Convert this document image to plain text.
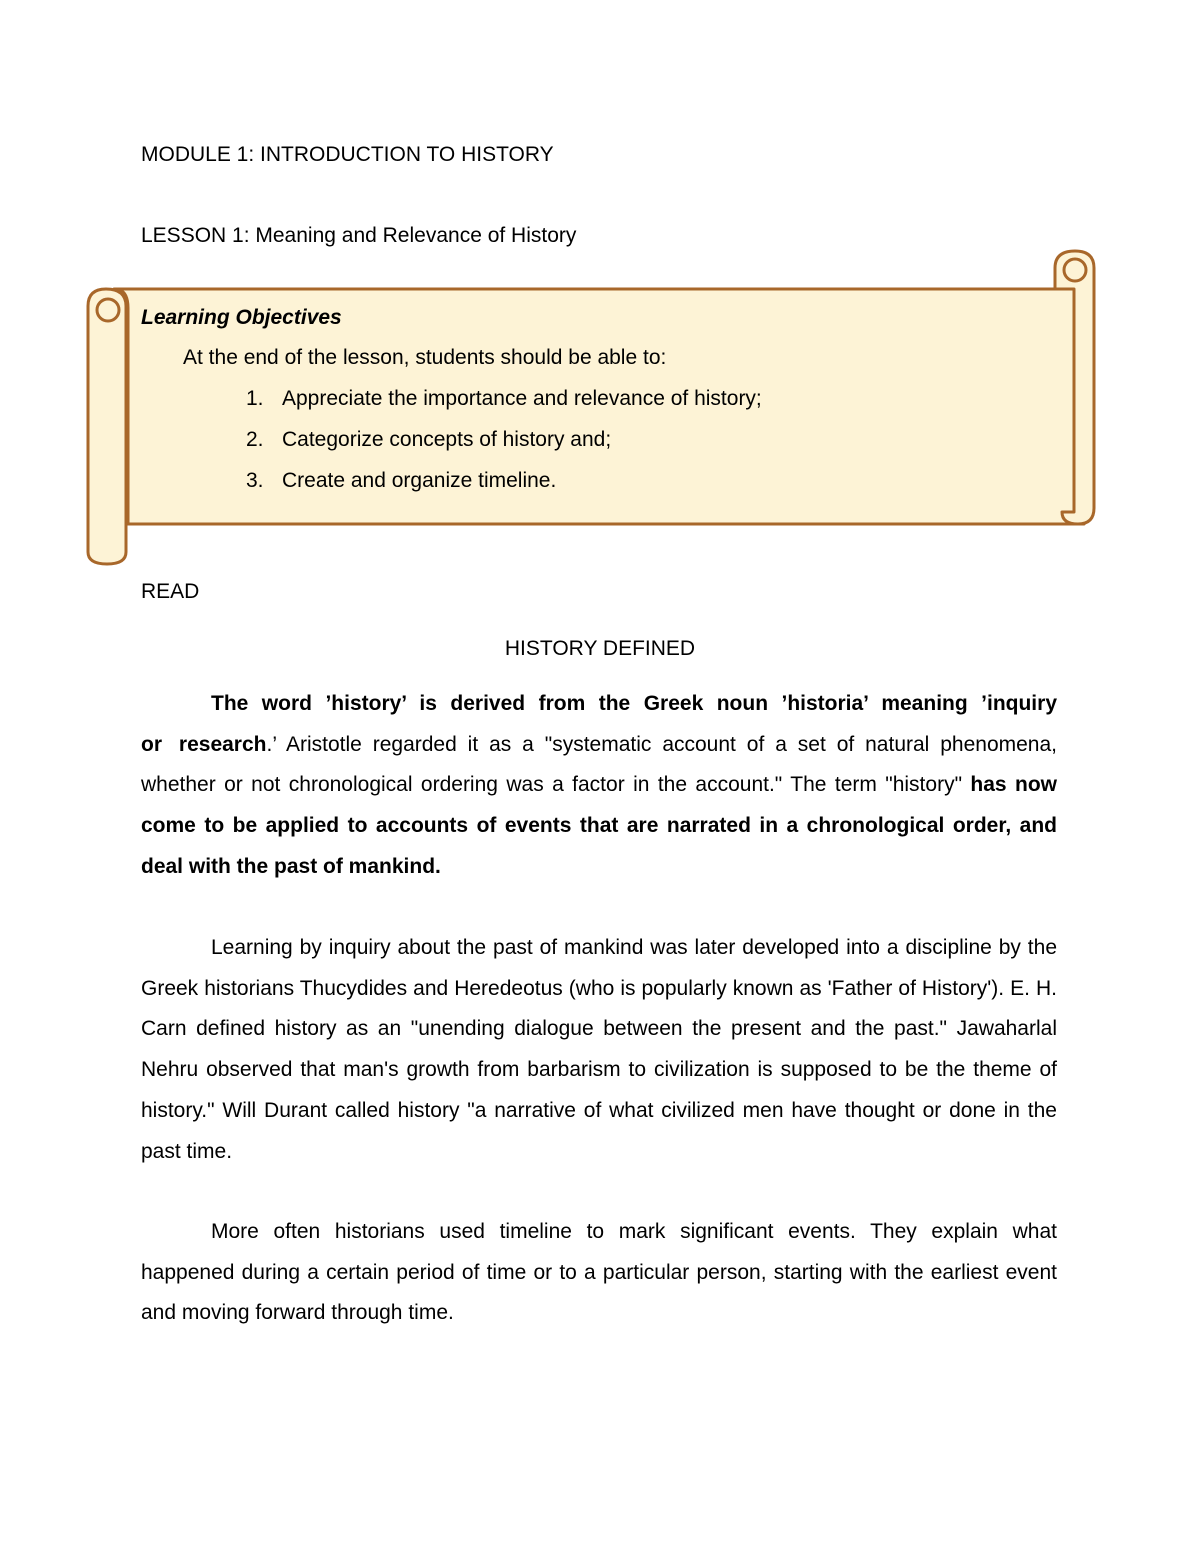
MODULE 1: INTRODUCTION TO HISTORY
LESSON 1: Meaning and Relevance of History
Learning Objectives
At the end of the lesson, students should be able to:
1. Appreciate the importance and relevance of history;
2. Categorize concepts of history and;
3. Create and organize timeline.
READ
HISTORY DEFINED

The word ’history’ is derived from the Greek noun ’historia’ meaning ’inquiry or research.’ Aristotle regarded it as a "systematic account of a set of natural phenomena, whether or not chronological ordering was a factor in the account." The term "history" has now come to be applied to accounts of events that are narrated in a chronological order, and deal with the past of mankind.

Learning by inquiry about the past of mankind was later developed into a discipline by the Greek historians Thucydides and Heredeotus (who is popularly known as 'Father of History'). E. H. Carn defined history as an "unending dialogue between the present and the past." Jawaharlal Nehru observed that man's growth from barbarism to civilization is supposed to be the theme of history." Will Durant called history "a narrative of what civilized men have thought or done in the past time.

More often historians used timeline to mark significant events. They explain what happened during a certain period of time or to a particular person, starting with the earliest event and moving forward through time.
